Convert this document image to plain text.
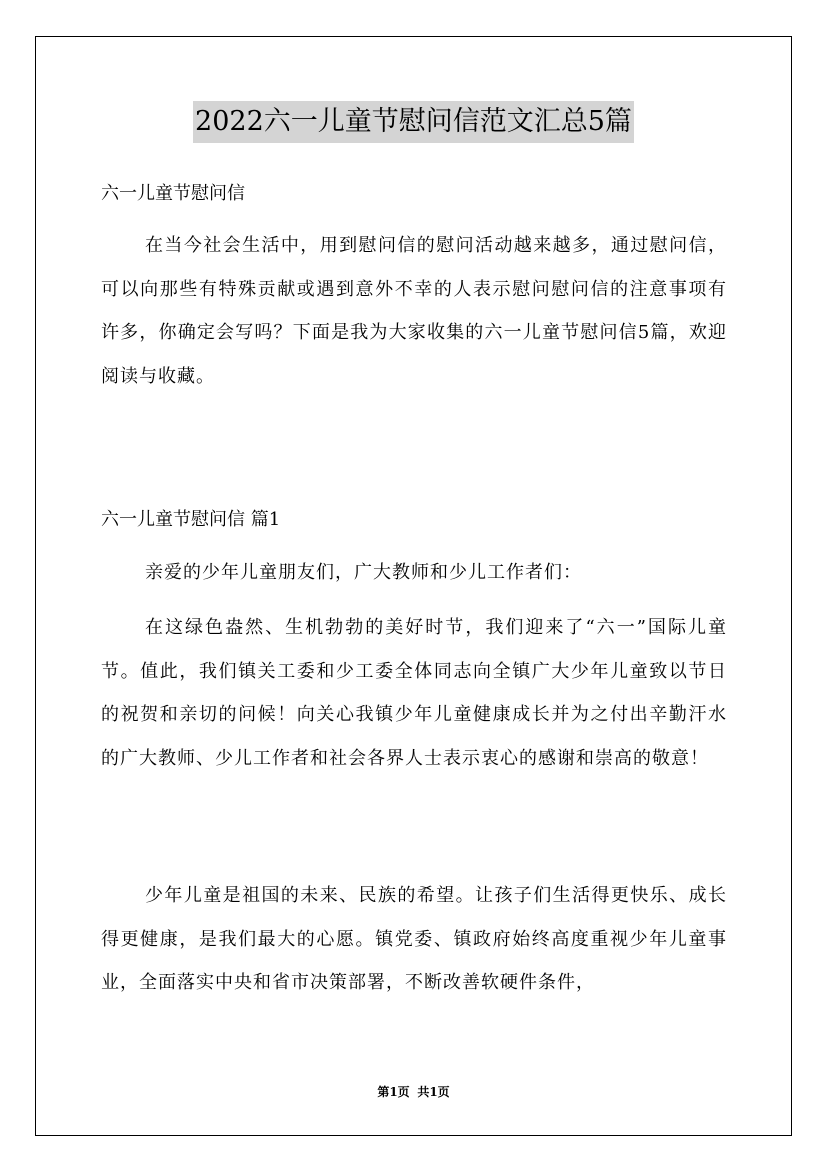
2022六一儿童节慰问信范文汇总5篇
六一儿童节慰问信

在当今社会生活中，用到慰问信的慰问活动越来越多，通过慰问信，可以向那些有特殊贡献或遇到意外不幸的人表示慰问慰问信的注意事项有许多，你确定会写吗？下面是我为大家收集的六一儿童节慰问信5篇，欢迎阅读与收藏。

六一儿童节慰问信 篇1

亲爱的少年儿童朋友们，广大教师和少儿工作者们：

在这绿色盎然、生机勃勃的美好时节，我们迎来了“六一”国际儿童节。值此，我们镇关工委和少工委全体同志向全镇广大少年儿童致以节日的祝贺和亲切的问候！向关心我镇少年儿童健康成长并为之付出辛勤汗水的广大教师、少儿工作者和社会各界人士表示衷心的感谢和崇高的敬意！

少年儿童是祖国的未来、民族的希望。让孩子们生活得更快乐、成长得更健康，是我们最大的心愿。镇党委、镇政府始终高度重视少年儿童事业，全面落实中央和省市决策部署，不断改善软硬件条件，

第1页 共1页
